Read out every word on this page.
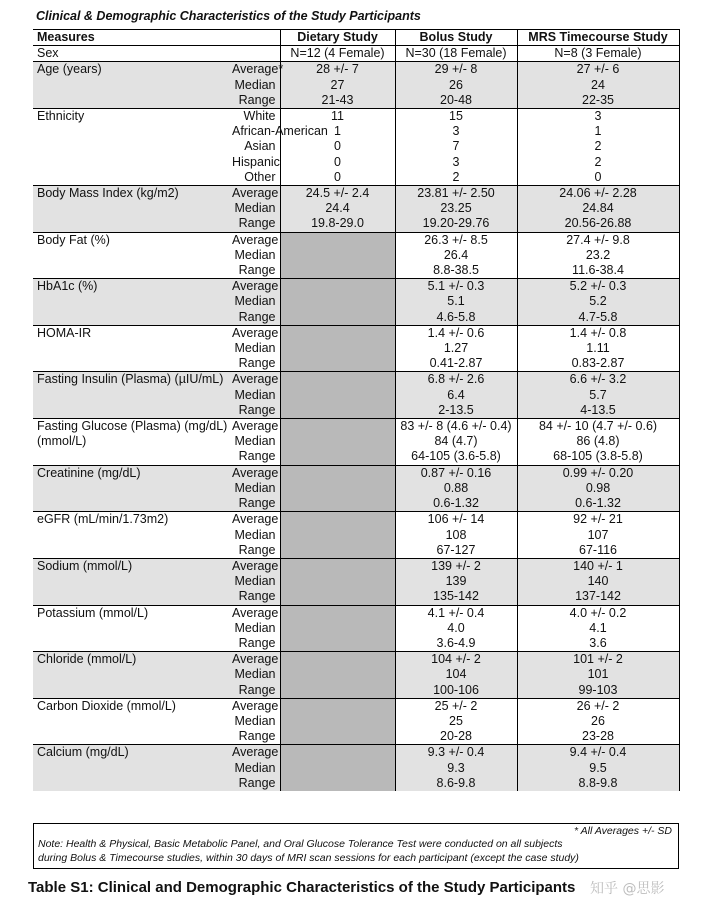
Clinical & Demographic Characteristics of the Study Participants
Measures		Dietary Study	Bolus Study	MRS Timecourse Study
Sex		N=12 (4 Female)	N=30 (18 Female)	N=8 (3 Female)
Age (years)	Average*	28 +/- 7	29 +/- 8	27 +/- 6
	Median	27	26	24
	Range	21-43	20-48	22-35
Ethnicity	White	11	15	3
	African-American	1	3	1
	Asian	0	7	2
	Hispanic	0	3	2
	Other	0	2	0
Body Mass Index (kg/m2)	Average	24.5 +/- 2.4	23.81 +/- 2.50	24.06 +/- 2.28
	Median	24.4	23.25	24.84
	Range	19.8-29.0	19.20-29.76	20.56-26.88
Body Fat (%)	Average		26.3 +/- 8.5	27.4 +/- 9.8
	Median		26.4	23.2
	Range		8.8-38.5	11.6-38.4
HbA1c (%)	Average		5.1 +/- 0.3	5.2 +/- 0.3
	Median		5.1	5.2
	Range		4.6-5.8	4.7-5.8
HOMA-IR	Average		1.4 +/- 0.6	1.4 +/- 0.8
	Median		1.27	1.11
	Range		0.41-2.87	0.83-2.87
Fasting Insulin (Plasma) (µIU/mL)	Average		6.8 +/- 2.6	6.6 +/- 3.2
	Median		6.4	5.7
	Range		2-13.5	4-13.5
Fasting Glucose (Plasma) (mg/dL)	Average		83 +/- 8 (4.6 +/- 0.4)	84 +/- 10 (4.7 +/- 0.6)
(mmol/L)	Median		84 (4.7)	86 (4.8)
	Range		64-105 (3.6-5.8)	68-105 (3.8-5.8)
Creatinine (mg/dL)	Average		0.87 +/- 0.16	0.99 +/- 0.20
	Median		0.88	0.98
	Range		0.6-1.32	0.6-1.32
eGFR (mL/min/1.73m2)	Average		106 +/- 14	92 +/- 21
	Median		108	107
	Range		67-127	67-116
Sodium (mmol/L)	Average		139 +/- 2	140 +/- 1
	Median		139	140
	Range		135-142	137-142
Potassium (mmol/L)	Average		4.1 +/- 0.4	4.0 +/- 0.2
	Median		4.0	4.1
	Range		3.6-4.9	3.6
Chloride (mmol/L)	Average		104 +/- 2	101 +/- 2
	Median		104	101
	Range		100-106	99-103
Carbon Dioxide (mmol/L)	Average		25 +/- 2	26 +/- 2
	Median		25	26
	Range		20-28	23-28
Calcium (mg/dL)	Average		9.3 +/- 0.4	9.4 +/- 0.4
	Median		9.3	9.5
	Range		8.6-9.8	8.8-9.8
* All Averages +/- SD
Note: Health & Physical, Basic Metabolic Panel, and Oral Glucose Tolerance Test were conducted on all subjects
during Bolus & Timecourse studies, within 30 days of MRI scan sessions for each participant (except the case study)
Table S1: Clinical and Demographic Characteristics of the Study Participants 知乎 @思影
